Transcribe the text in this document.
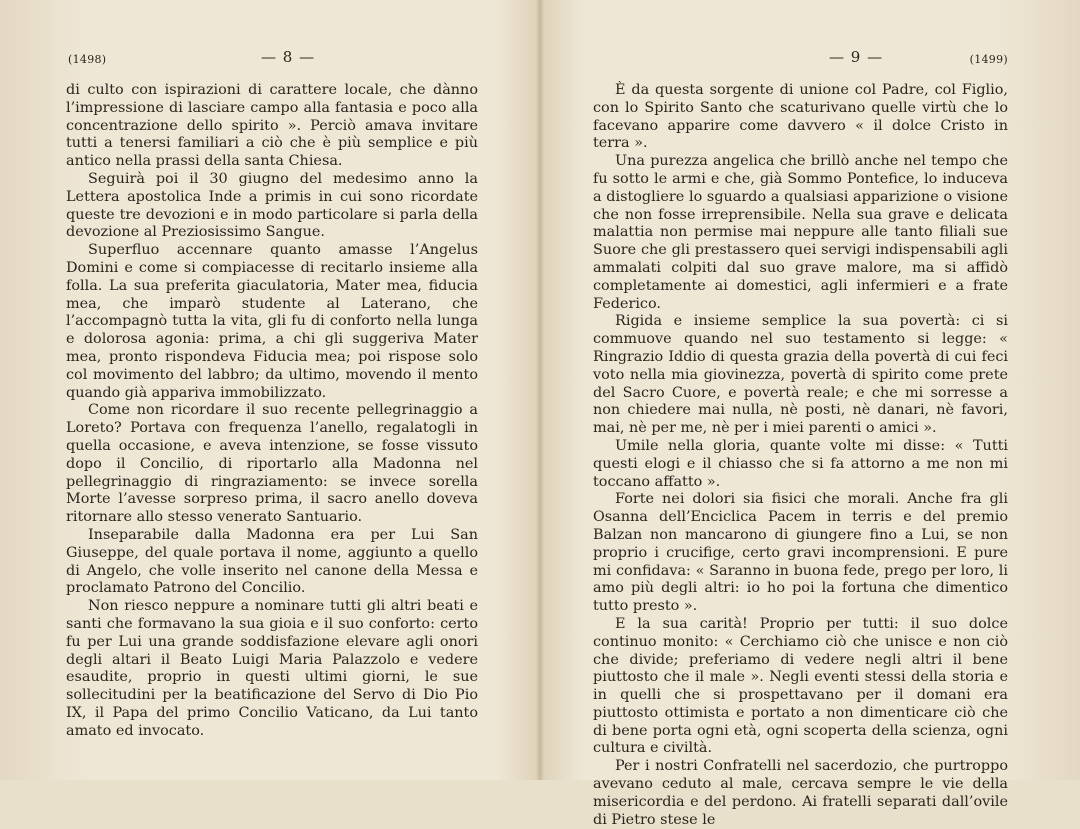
(1498)	— 8 —

di culto con ispirazioni di carattere locale, che dànno l’impressione di lasciare campo alla fantasia e poco alla concentrazione dello spirito ». Perciò amava invitare tutti a tenersi familiari a ciò che è più semplice e più antico nella prassi della santa Chiesa.

Seguirà poi il 30 giugno del medesimo anno la Lettera apostolica Inde a primis in cui sono ricordate queste tre devozioni e in modo particolare si parla della devozione al Preziosissimo Sangue.

Superfluo accennare quanto amasse l’Angelus Domini e come si compiacesse di recitarlo insieme alla folla. La sua preferita giaculatoria, Mater mea, fiducia mea, che imparò studente al Laterano, che l’accompagnò tutta la vita, gli fu di conforto nella lunga e dolorosa agonia: prima, a chi gli suggeriva Mater mea, pronto rispondeva Fiducia mea; poi rispose solo col movimento del labbro; da ultimo, movendo il mento quando già appariva immobilizzato.

Come non ricordare il suo recente pellegrinaggio a Loreto? Portava con frequenza l’anello, regalatogli in quella occasione, e aveva intenzione, se fosse vissuto dopo il Concilio, di riportarlo alla Madonna nel pellegrinaggio di ringraziamento: se invece sorella Morte l’avesse sorpreso prima, il sacro anello doveva ritornare allo stesso venerato Santuario.

Inseparabile dalla Madonna era per Lui San Giuseppe, del quale portava il nome, aggiunto a quello di Angelo, che volle inserito nel canone della Messa e proclamato Patrono del Concilio.

Non riesco neppure a nominare tutti gli altri beati e santi che formavano la sua gioia e il suo conforto: certo fu per Lui una grande soddisfazione elevare agli onori degli altari il Beato Luigi Maria Palazzolo e vedere esaudite, proprio in questi ultimi giorni, le sue sollecitudini per la beatificazione del Servo di Dio Pio IX, il Papa del primo Concilio Vaticano, da Lui tanto amato ed invocato.

— 9 —	(1499)

È da questa sorgente di unione col Padre, col Figlio, con lo Spirito Santo che scaturivano quelle virtù che lo facevano apparire come davvero « il dolce Cristo in terra ».

Una purezza angelica che brillò anche nel tempo che fu sotto le armi e che, già Sommo Pontefice, lo induceva a distogliere lo sguardo a qualsiasi apparizione o visione che non fosse irreprensibile. Nella sua grave e delicata malattia non permise mai neppure alle tanto filiali sue Suore che gli prestassero quei servigi indispensabili agli ammalati colpiti dal suo grave malore, ma si affidò completamente ai domestici, agli infermieri e a frate Federico.

Rigida e insieme semplice la sua povertà: ci si commuove quando nel suo testamento si legge: « Ringrazio Iddio di questa grazia della povertà di cui feci voto nella mia giovinezza, povertà di spirito come prete del Sacro Cuore, e povertà reale; e che mi sorresse a non chiedere mai nulla, nè posti, nè danari, nè favori, mai, nè per me, nè per i miei parenti o amici ».

Umile nella gloria, quante volte mi disse: « Tutti questi elogi e il chiasso che si fa attorno a me non mi toccano affatto ».

Forte nei dolori sia fisici che morali. Anche fra gli Osanna dell’Enciclica Pacem in terris e del premio Balzan non mancarono di giungere fino a Lui, se non proprio i crucifige, certo gravi incomprensioni. E pure mi confidava: « Saranno in buona fede, prego per loro, li amo più degli altri: io ho poi la fortuna che dimentico tutto presto ».

E la sua carità! Proprio per tutti: il suo dolce continuo monito: « Cerchiamo ciò che unisce e non ciò che divide; preferiamo di vedere negli altri il bene piuttosto che il male ». Negli eventi stessi della storia e in quelli che si prospettavano per il domani era piuttosto ottimista e portato a non dimenticare ciò che di bene porta ogni età, ogni scoperta della scienza, ogni cultura e civiltà.

Per i nostri Confratelli nel sacerdozio, che purtroppo avevano ceduto al male, cercava sempre le vie della misericordia e del perdono. Ai fratelli separati dall’ovile di Pietro stese le
